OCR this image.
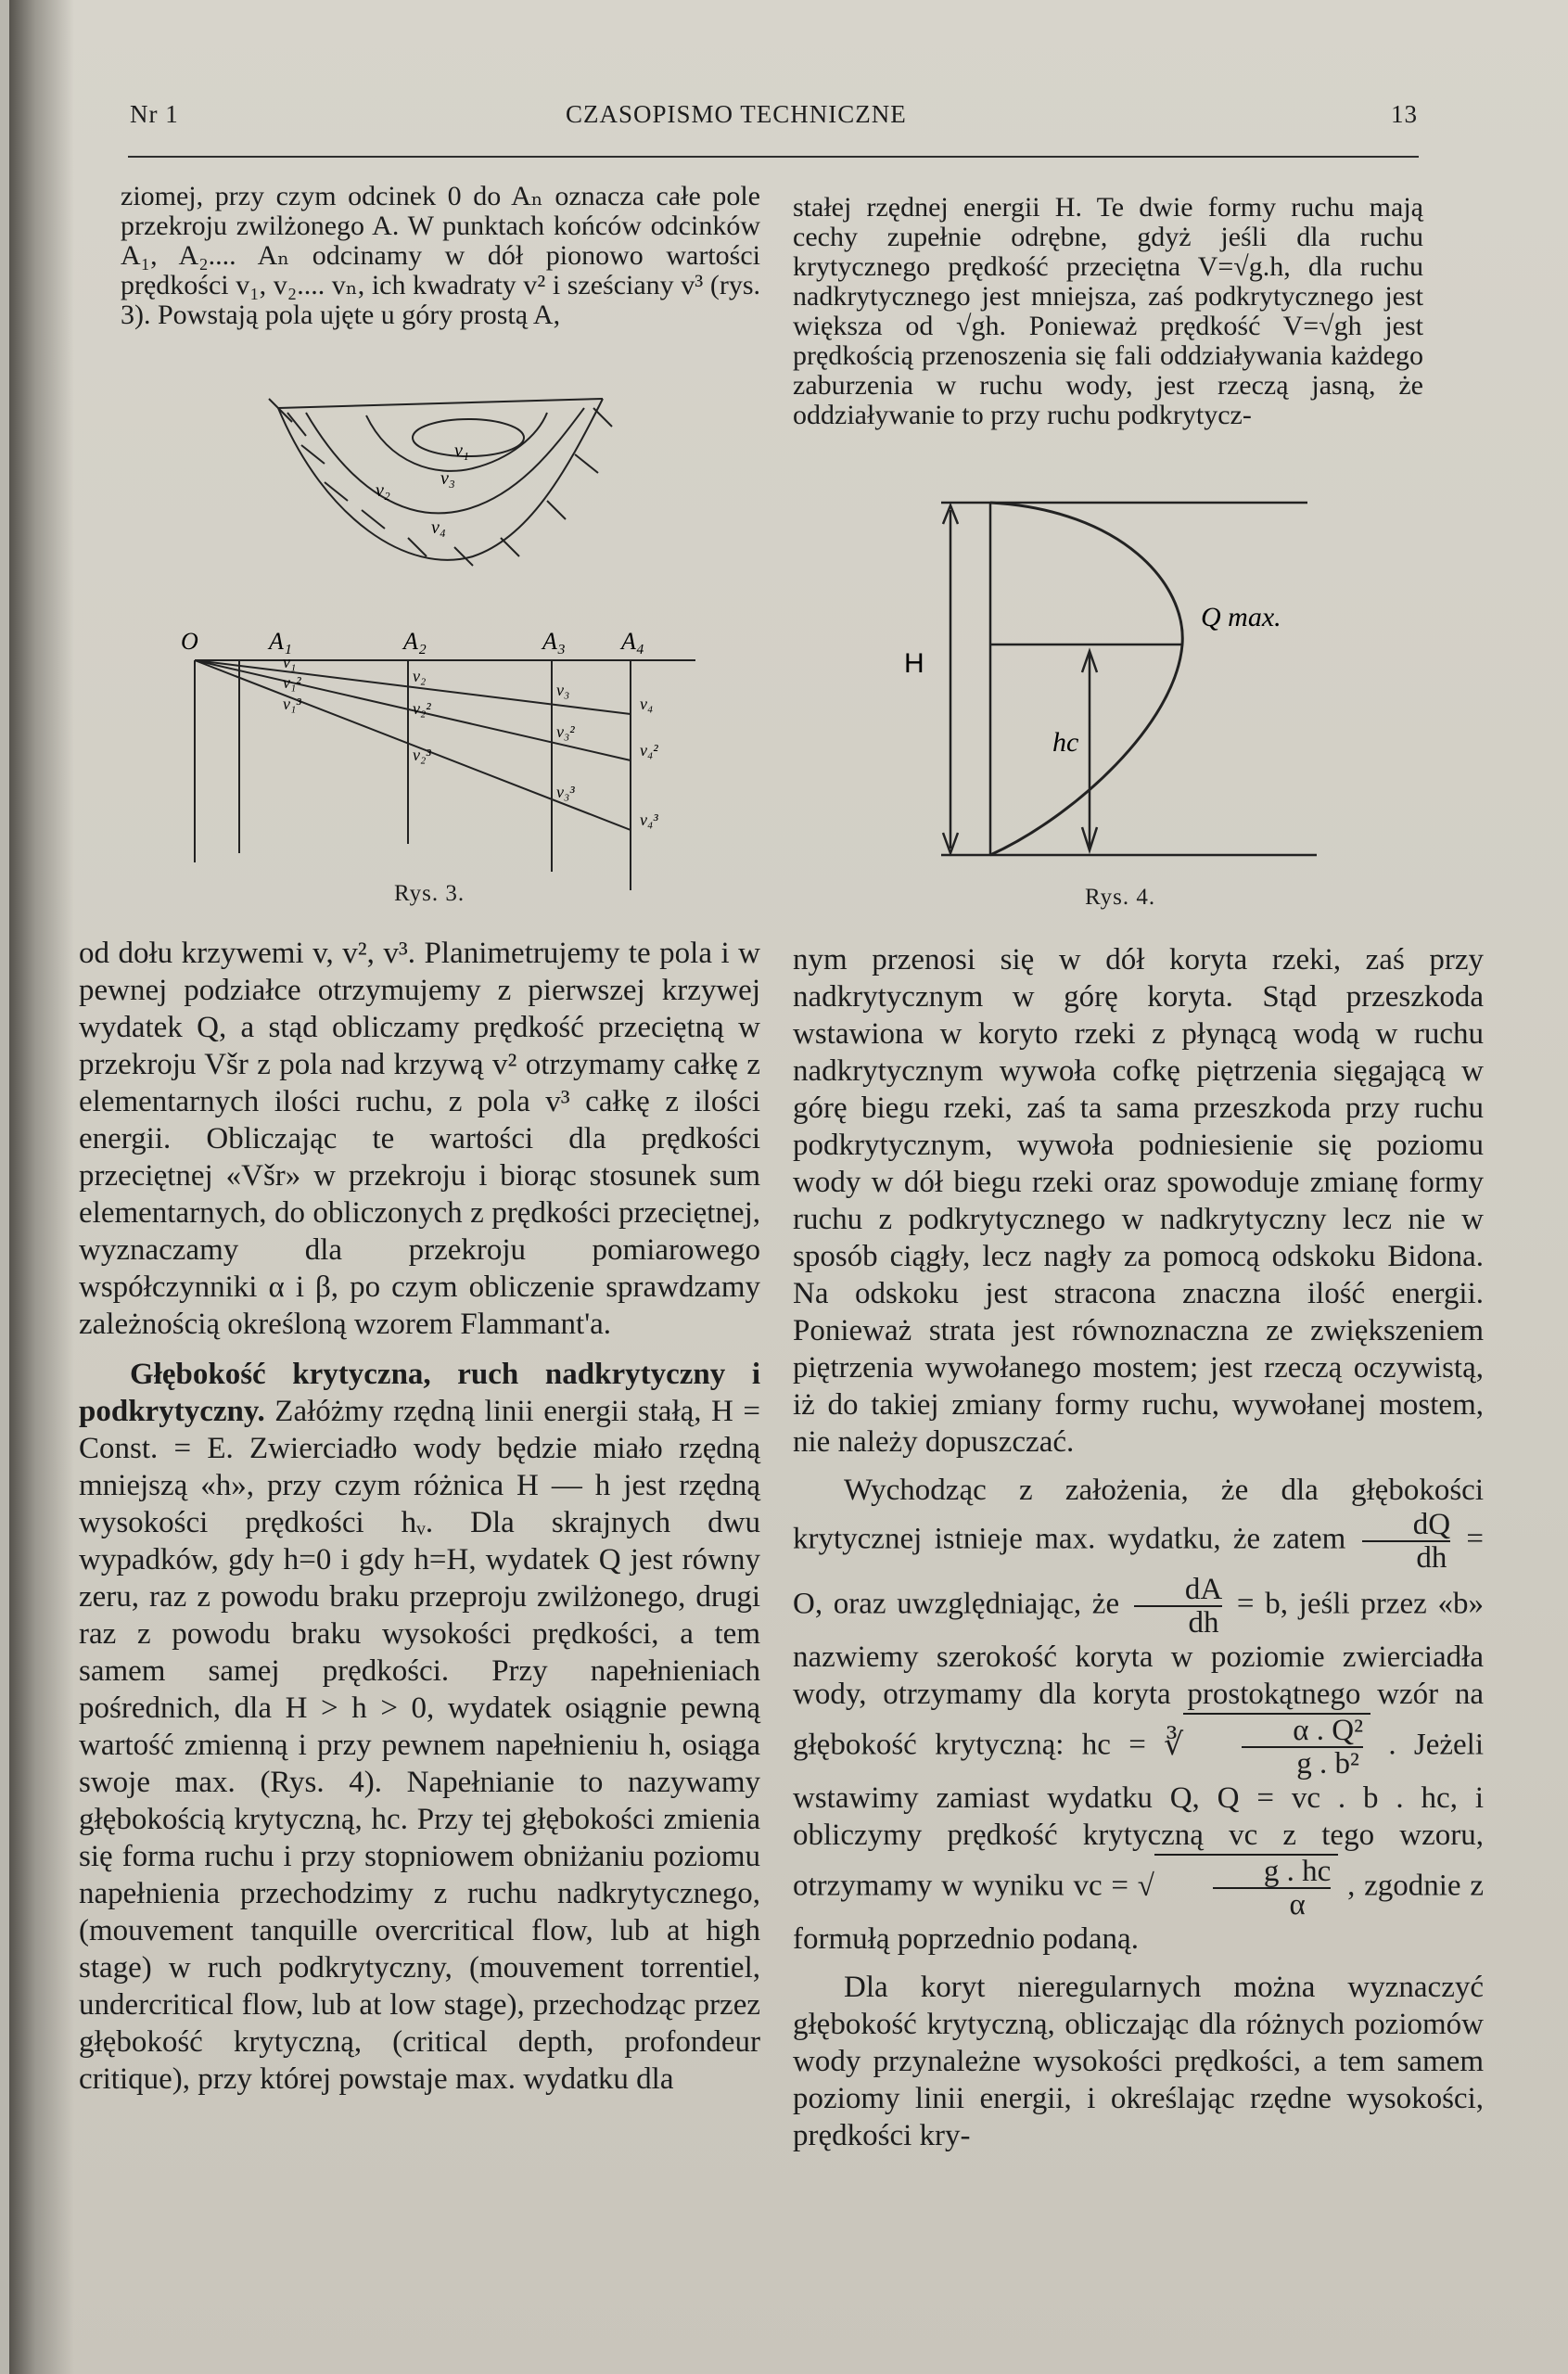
Nr 1	CZASOPISMO TECHNICZNE	13

ziomej, przy czym odcinek 0 do Aₙ oznacza całe pole przekroju zwilżonego A. W punktach końców odcinków A₁, A₂.... Aₙ odcinamy w dół pionowo wartości prędkości v₁, v₂.... vₙ, ich kwadraty v² i sześciany v³ (rys. 3). Powstają pola ujęte u góry prostą A,

v₁
v₃
v₂
v₄
O	A₁	A₂	A₃ A₄
v₁
v₂
v₃
v₄
v₁²
v₂²
v₃²
v₄²
v₁³
v₂³
v₃³
v₄³
Rys. 3.

od dołu krzywemi v, v², v³. Planimetrujemy te pola i w pewnej podziałce otrzymujemy z pierwszej krzywej wydatek Q, a stąd obliczamy prędkość przeciętną w przekroju Všr z pola nad krzywą v² otrzymamy całkę z elementarnych ilości ruchu, z pola v³ całkę z ilości energii. Obliczając te wartości dla prędkości przeciętnej «Všr» w przekroju i biorąc stosunek sum elementarnych, do obliczonych z prędkości przeciętnej, wyznaczamy dla przekroju pomiarowego współczynniki α i β, po czym obliczenie sprawdzamy zależnością określoną wzorem Flammant'a.

Głębokość krytyczna, ruch nadkrytyczny i podkrytyczny. Załóżmy rzędną linii energii stałą, H = Const. = E. Zwierciadło wody będzie miało rzędną mniejszą «h», przy czym różnica H — h jest rzędną wysokości prędkości hᵥ. Dla skrajnych dwu wypadków, gdy h=0 i gdy h=H, wydatek Q jest równy zeru, raz z powodu braku przeproju zwilżonego, drugi raz z powodu braku wysokości prędkości, a tem samem samej prędkości. Przy napełnieniach pośrednich, dla H > h > 0, wydatek osiągnie pewną wartość zmienną i przy pewnem napełnieniu h, osiąga swoje max. (Rys. 4). Napełnianie to nazywamy głębokością krytyczną, hc. Przy tej głębokości zmienia się forma ruchu i przy stopniowem obniżaniu poziomu napełnienia przechodzimy z ruchu nadkrytycznego, (mouvement tanquille overcritical flow, lub at high stage) w ruch podkrytyczny, (mouvement torrentiel, undercritical flow, lub at low stage), przechodząc przez głębokość krytyczną, (critical depth, profondeur critique), przy której powstaje max. wydatku dla

stałej rzędnej energii H. Te dwie formy ruchu mają cechy zupełnie odrębne, gdyż jeśli dla ruchu krytycznego prędkość przeciętna V=√g.h, dla ruchu nadkrytycznego jest mniejsza, zaś podkrytycznego jest większa od √gh. Ponieważ prędkość V=√gh jest prędkością przenoszenia się fali oddziaływania każdego zaburzenia w ruchu wody, jest rzeczą jasną, że oddziaływanie to przy ruchu podkrytycz-

H
Q max.
hc
Rys. 4.

nym przenosi się w dół koryta rzeki, zaś przy nadkrytycznym w górę koryta. Stąd przeszkoda wstawiona w koryto rzeki z płynącą wodą w ruchu nadkrytycznym wywoła cofkę piętrzenia sięgającą w górę biegu rzeki, zaś ta sama przeszkoda przy ruchu podkrytycznym, wywoła podniesienie się poziomu wody w dół biegu rzeki oraz spowoduje zmianę formy ruchu z podkrytycznego w nadkrytyczny lecz nie w sposób ciągły, lecz nagły za pomocą odskoku Bidona. Na odskoku jest stracona znaczna ilość energii. Ponieważ strata jest równoznaczna ze zwiększeniem piętrzenia wywołanego mostem; jest rzeczą oczywistą, iż do takiej zmiany formy ruchu, wywołanej mostem, nie należy dopuszczać.

Wychodząc z założenia, że dla głębokości krytycznej istnieje max. wydatku, że zatem $\frac{dQ}{dh} = O$, oraz uwzględniając, że $\frac{dA}{dh} = b$, jeśli przez «b» nazwiemy szerokość koryta w poziomie zwierciadła wody, otrzymamy dla koryta prostokątnego wzór na głębokość krytyczną: hc = ∛ $\frac{\text{α . Q²}}{\text{g . b²}}$ . Jeżeli wstawimy zamiast wydatku Q, Q = vc . b . hc, i obliczymy prędkość krytyczną vc z tego wzoru, otrzymamy w wyniku vc = √ $\frac{g . hc}{\alpha}$ , zgodnie z formułą poprzednio podaną.

Dla koryt nieregularnych można wyznaczyć głębokość krytyczną, obliczając dla różnych poziomów wody przynależne wysokości prędkości, a tem samem poziomy linii energii, i określając rzędne wysokości, prędkości kry-
